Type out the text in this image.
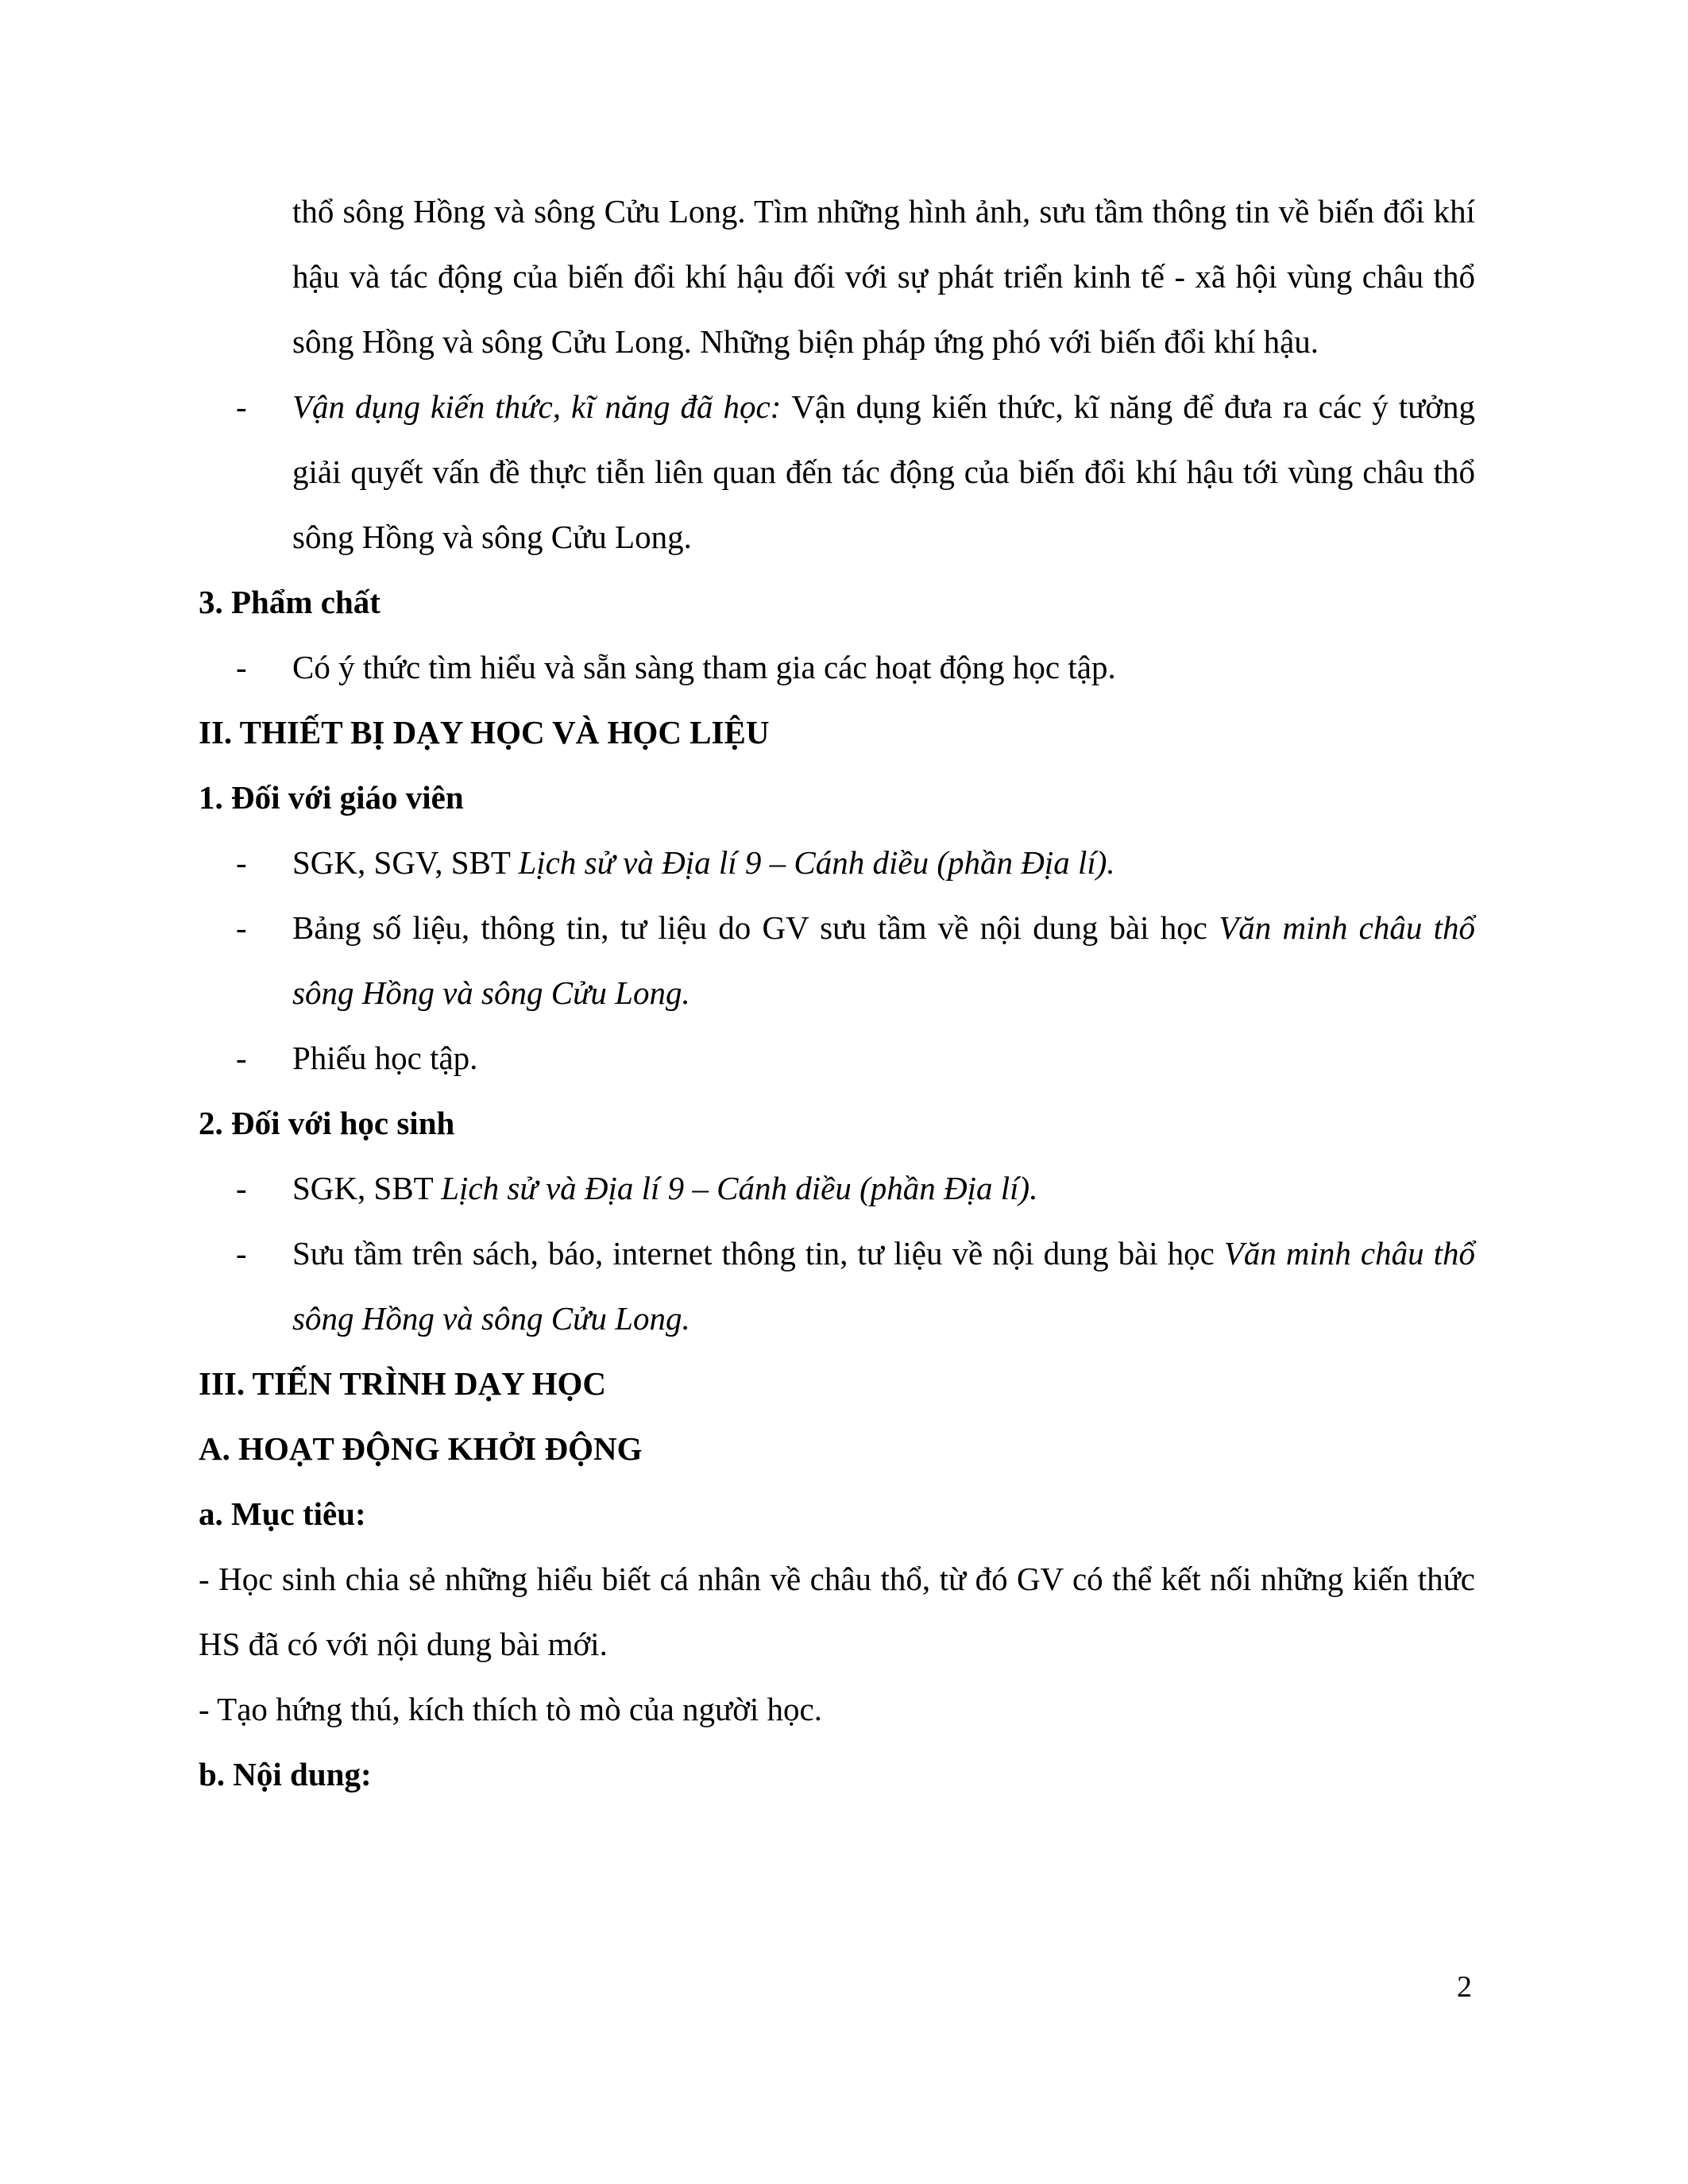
thổ sông Hồng và sông Cửu Long. Tìm những hình ảnh, sưu tầm thông tin về biến đổi khí hậu và tác động của biến đổi khí hậu đối với sự phát triển kinh tế - xã hội vùng châu thổ sông Hồng và sông Cửu Long. Những biện pháp ứng phó với biến đổi khí hậu.

-	Vận dụng kiến thức, kĩ năng đã học: Vận dụng kiến thức, kĩ năng để đưa ra các ý tưởng giải quyết vấn đề thực tiễn liên quan đến tác động của biến đổi khí hậu tới vùng châu thổ sông Hồng và sông Cửu Long.

3. Phẩm chất

-	Có ý thức tìm hiểu và sẵn sàng tham gia các hoạt động học tập.

II. THIẾT BỊ DẠY HỌC VÀ HỌC LIỆU

1. Đối với giáo viên

-	SGK, SGV, SBT Lịch sử và Địa lí 9 – Cánh diều (phần Địa lí).

-	Bảng số liệu, thông tin, tư liệu do GV sưu tầm về nội dung bài học Văn minh châu thổ sông Hồng và sông Cửu Long.

-	Phiếu học tập.

2. Đối với học sinh

-	SGK, SBT Lịch sử và Địa lí 9 – Cánh diều (phần Địa lí).

-	Sưu tầm trên sách, báo, internet thông tin, tư liệu về nội dung bài học Văn minh châu thổ sông Hồng và sông Cửu Long.

III. TIẾN TRÌNH DẠY HỌC

A. HOẠT ĐỘNG KHỞI ĐỘNG

a. Mục tiêu:

- Học sinh chia sẻ những hiểu biết cá nhân về châu thổ, từ đó GV có thể kết nối những kiến thức HS đã có với nội dung bài mới.

- Tạo hứng thú, kích thích tò mò của người học.

b. Nội dung:

2
